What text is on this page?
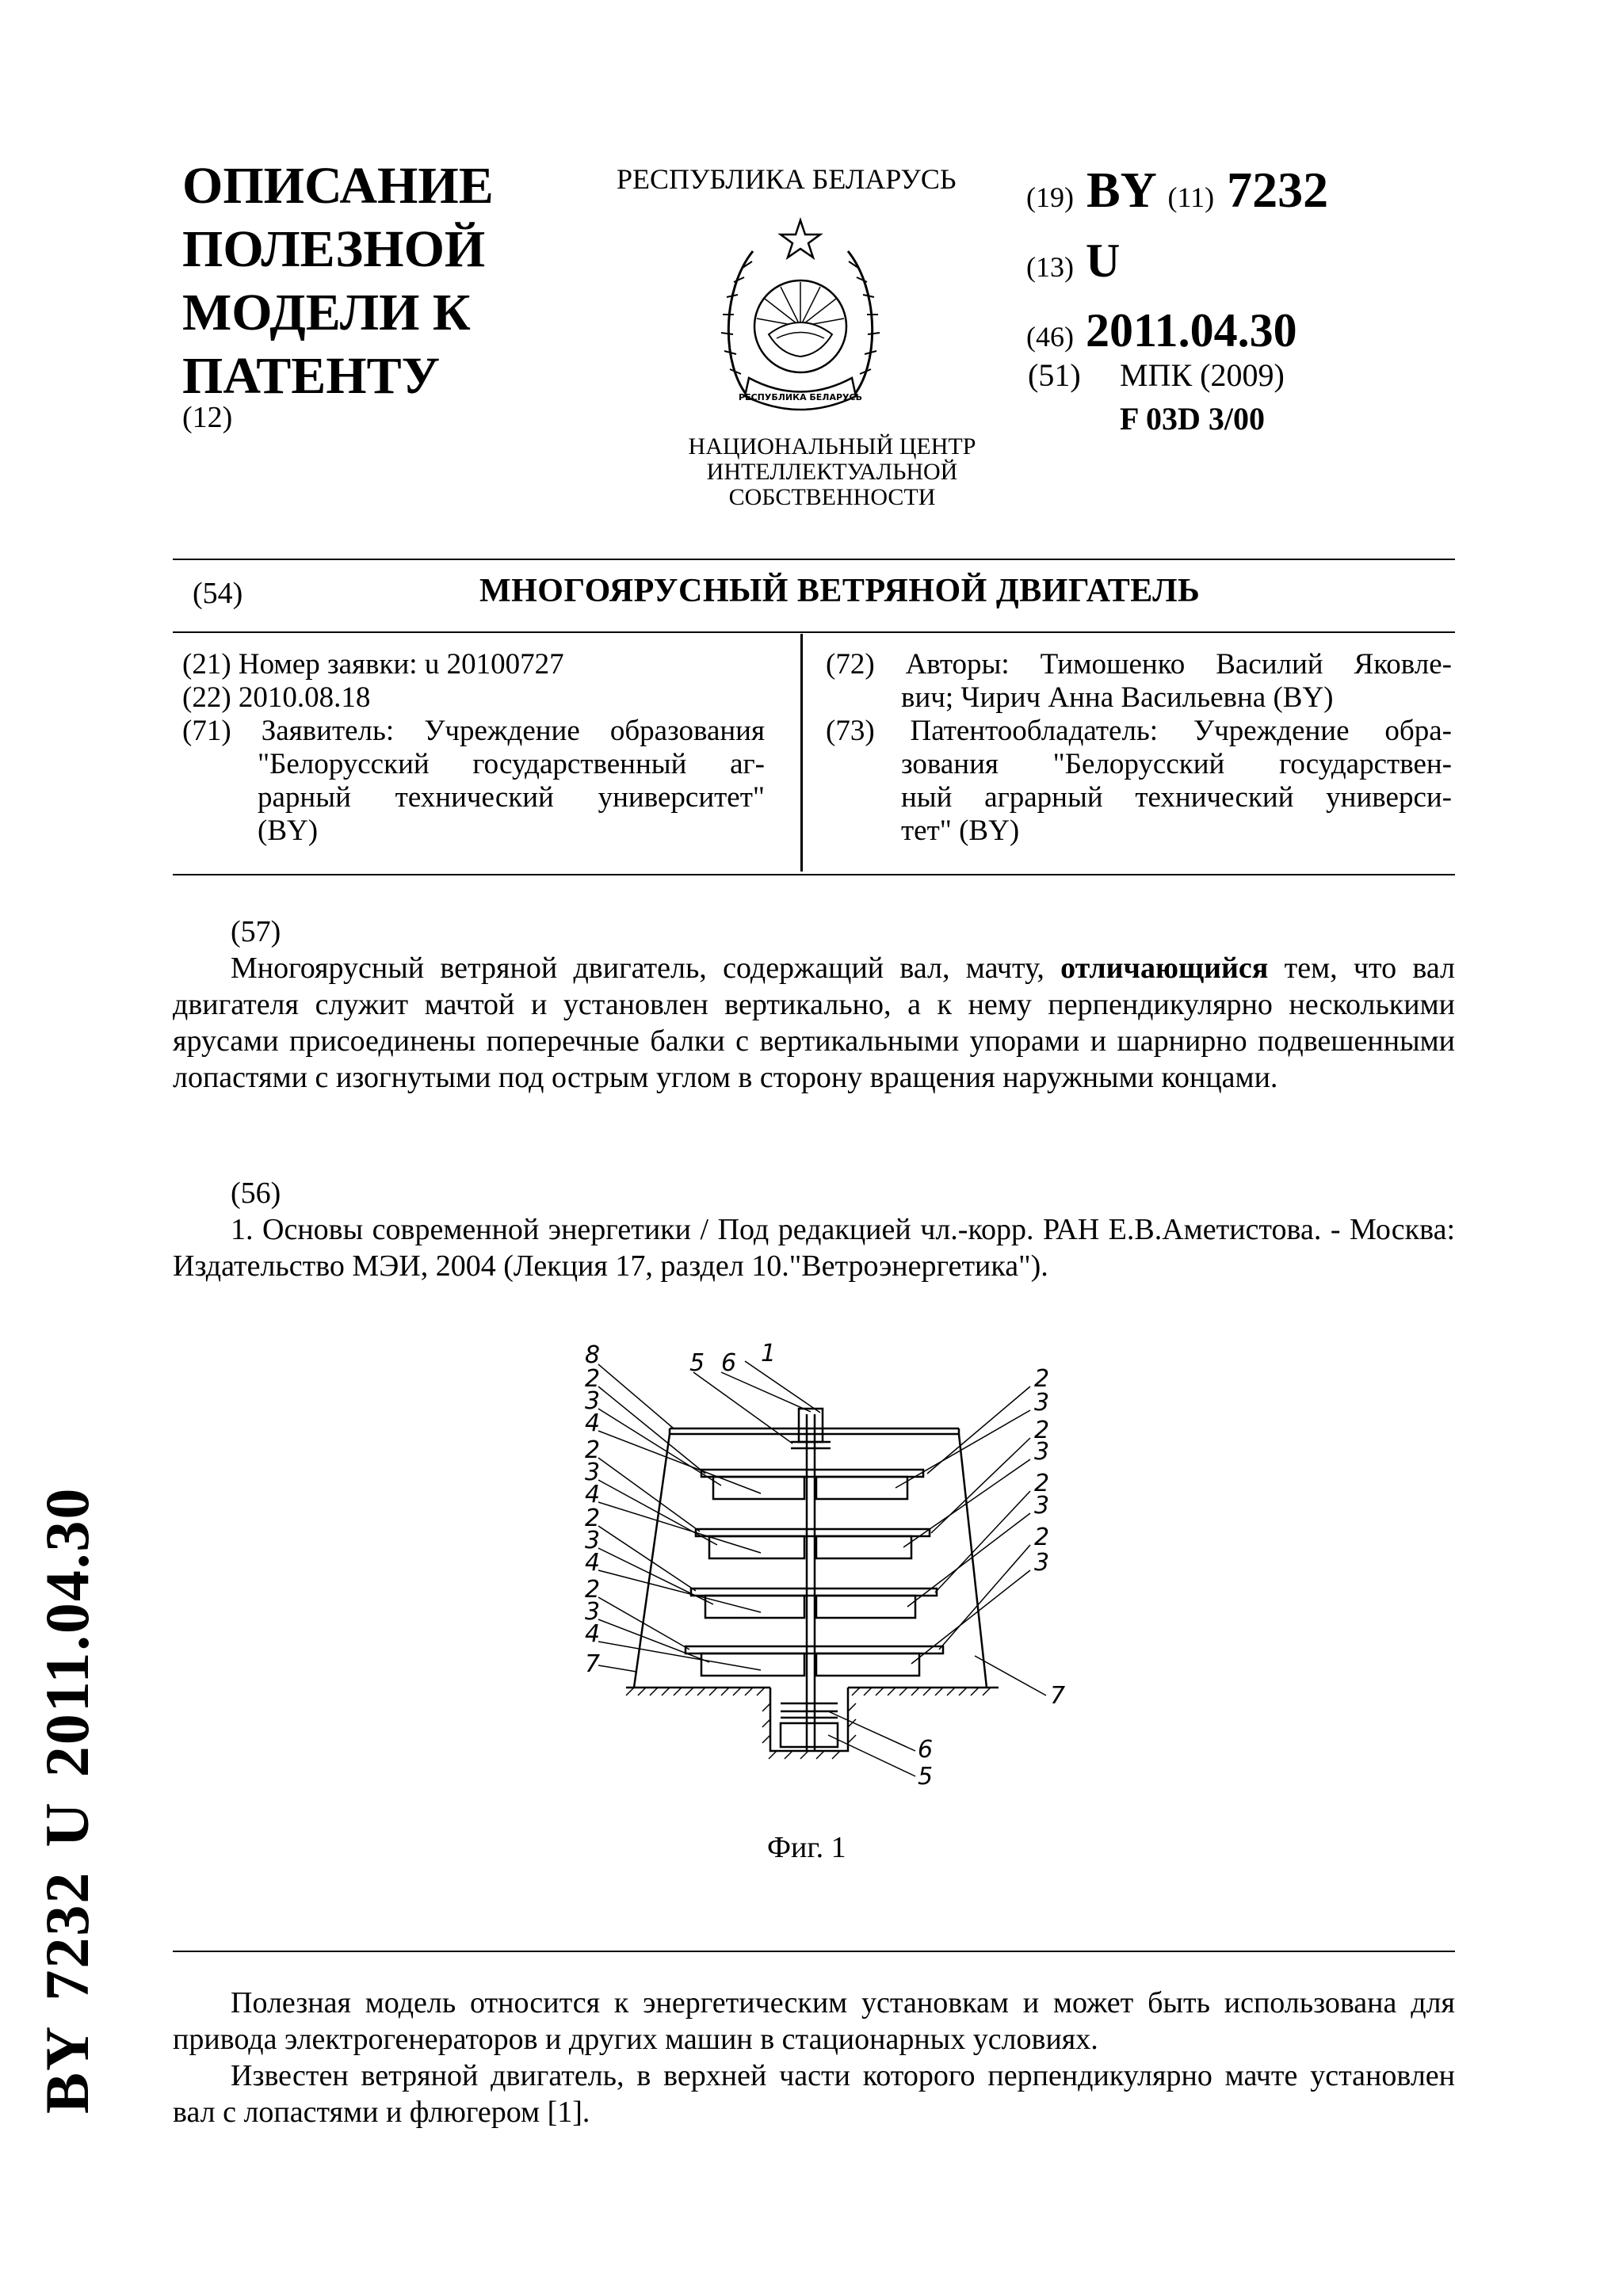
ОПИСАНИЕ
ПОЛЕЗНОЙ
МОДЕЛИ К
ПАТЕНТУ
(12)
РЕСПУБЛИКА БЕЛАРУСЬ
РЕСПУБЛИКА БЕЛАРУСЬ
НАЦИОНАЛЬНЫЙ ЦЕНТР
ИНТЕЛЛЕКТУАЛЬНОЙ
СОБСТВЕННОСТИ
(19) BY (11) 7232
(13) U
(46) 2011.04.30
(51) МПК (2009)
F 03D 3/00
(54)	МНОГОЯРУСНЫЙ ВЕТРЯНОЙ ДВИГАТЕЛЬ
(21) Номер заявки: u 20100727
(22) 2010.08.18
(71) Заявитель: Учреждение образования
"Белорусский государственный аг-
рарный технический университет"
(BY)
(72) Авторы: Тимошенко Василий Яковле-
вич; Чирич Анна Васильевна (BY)
(73) Патентообладатель: Учреждение обра-
зования "Белорусский государствен-
ный аграрный технический универси-
тет" (BY)
(57)
Многоярусный ветряной двигатель, содержащий вал, мачту, отличающийся тем, что вал двигателя служит мачтой и установлен вертикально, а к нему перпендикулярно несколькими ярусами присоединены поперечные балки с вертикальными упорами и шарнирно подвешенными лопастями с изогнутыми под острым углом в сторону вращения наружными концами.
(56)
1. Основы современной энергетики / Под редакцией чл.-корр. РАН Е.В.Аметистова. - Москва: Издательство МЭИ, 2004 (Лекция 17, раздел 10."Ветроэнергетика").
8
2
3
4
2
3
4
2
3
4
2
3
4
7
2
3
2
3
2
3
2
3
7
5 6 1
6
5
Фиг. 1
Полезная модель относится к энергетическим установкам и может быть использована для привода электрогенераторов и других машин в стационарных условиях.
Известен ветряной двигатель, в верхней части которого перпендикулярно мачте установлен вал с лопастями и флюгером [1].
BY7232U2011.04.30
